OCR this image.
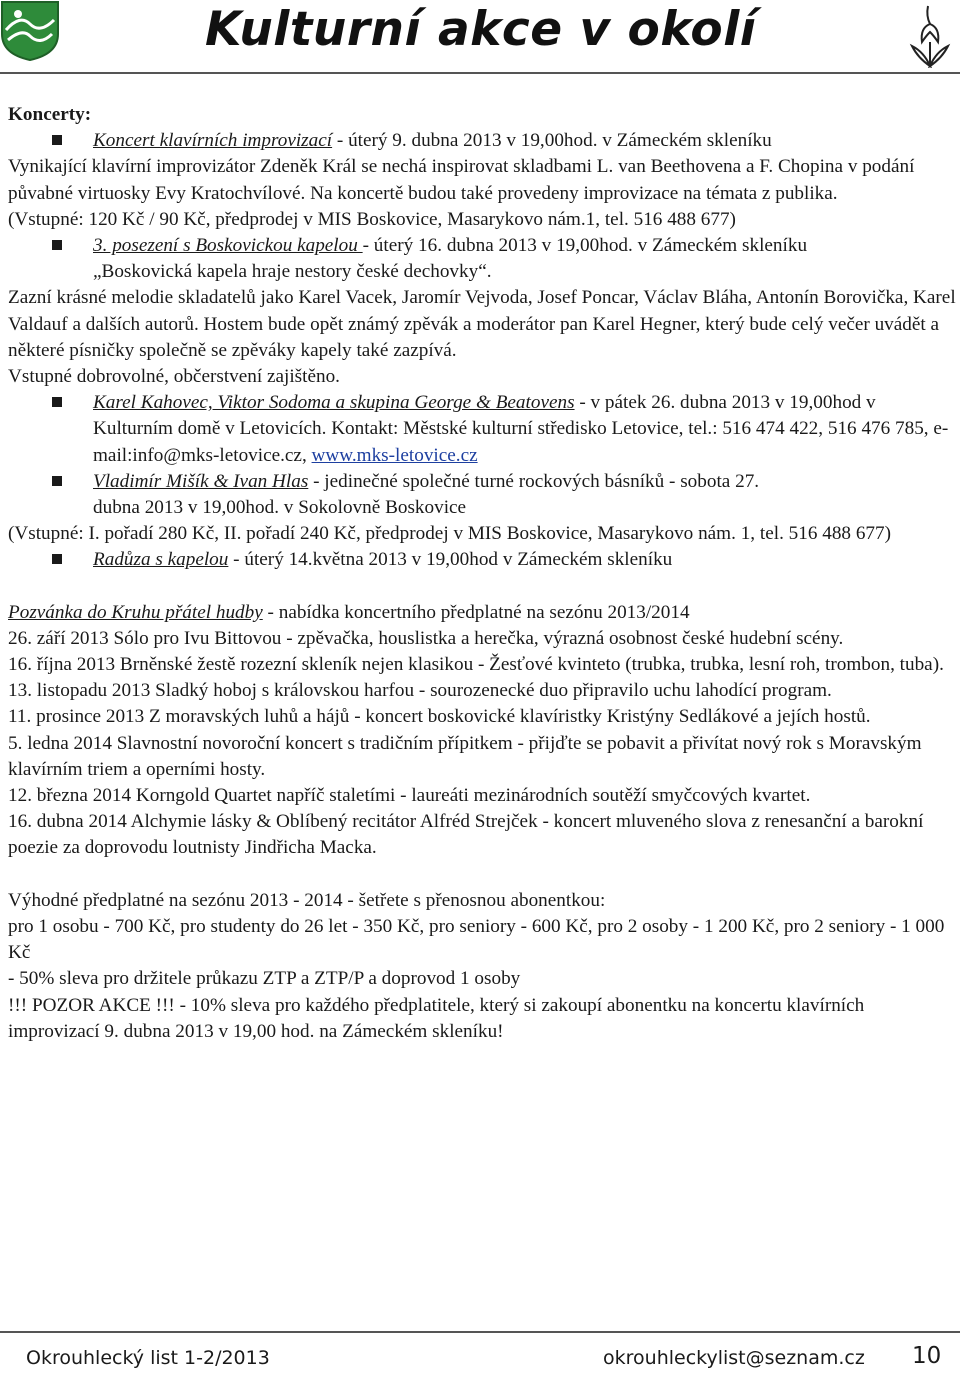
Kulturní akce v okolí

Koncerty:

Koncert klavírních improvizací - úterý 9. dubna 2013 v 19,00hod. v Zámeckém skleníku

Vynikající klavírní improvizátor Zdeněk Král se nechá inspirovat skladbami L. van Beethovena a F. Chopina v podání půvabné virtuosky Evy Kratochvílové. Na koncertě budou také provedeny improvizace na témata z publika.

(Vstupné: 120 Kč / 90 Kč, předprodej v MIS Boskovice, Masarykovo nám.1, tel. 516 488 677)

3. posezení s Boskovickou kapelou - úterý 16. dubna 2013 v 19,00hod. v Zámeckém skleníku

„Boskovická kapela hraje nestory české dechovky“.

Zazní krásné melodie skladatelů jako Karel Vacek, Jaromír Vejvoda, Josef Poncar, Václav Bláha, Antonín Borovička, Karel Valdauf a dalších autorů. Hostem bude opět známý zpěvák a moderátor pan Karel Hegner, který bude celý večer uvádět a některé písničky společně se zpěváky kapely také zazpívá.

Vstupné dobrovolné, občerstvení zajištěno.

Karel Kahovec, Viktor Sodoma a skupina George & Beatovens - v pátek 26. dubna 2013 v 19,00hod v Kulturním domě v Letovicích. Kontakt: Městské kulturní středisko Letovice, tel.: 516 474 422, 516 476 785, e-mail:info@mks-letovice.cz, www.mks-letovice.cz

Vladimír Mišík & Ivan Hlas - jedinečné společné turné rockových básníků - sobota 27.

dubna 2013 v 19,00hod. v Sokolovně Boskovice

(Vstupné: I. pořadí 280 Kč, II. pořadí 240 Kč, předprodej v MIS Boskovice, Masarykovo nám. 1, tel. 516 488 677)

Radůza s kapelou - úterý 14.května 2013 v 19,00hod v Zámeckém skleníku

Pozvánka do Kruhu přátel hudby - nabídka koncertního předplatné na sezónu 2013/2014

26. září 2013 Sólo pro Ivu Bittovou - zpěvačka, houslistka a herečka, výrazná osobnost české hudební scény.

16. října 2013 Brněnské žestě rozezní skleník nejen klasikou - Žesťové kvinteto (trubka, trubka, lesní roh, trombon, tuba).

13. listopadu 2013 Sladký hoboj s královskou harfou - sourozenecké duo připravilo uchu lahodící program.

11. prosince 2013 Z moravských luhů a hájů - koncert boskovické klavíristky Kristýny Sedlákové a jejích hostů.

5. ledna 2014 Slavnostní novoroční koncert s tradičním přípitkem - přijďte se pobavit a přivítat nový rok s Moravským klavírním triem a operními hosty.

12. března 2014 Korngold Quartet napříč staletími - laureáti mezinárodních soutěží smyčcových kvartet.

16. dubna 2014 Alchymie lásky & Oblíbený recitátor Alfréd Strejček - koncert mluveného slova z renesanční a barokní poezie za doprovodu loutnisty Jindřicha Macka.

Výhodné předplatné na sezónu 2013 - 2014 - šetřete s přenosnou abonentkou:

pro 1 osobu - 700 Kč, pro studenty do 26 let - 350 Kč, pro seniory - 600 Kč, pro 2 osoby - 1 200 Kč, pro 2 seniory - 1 000 Kč

- 50% sleva pro držitele průkazu ZTP a ZTP/P a doprovod 1 osoby

!!! POZOR AKCE !!! - 10% sleva pro každého předplatitele, který si zakoupí abonentku na koncertu klavírních improvizací 9. dubna 2013 v 19,00 hod. na Zámeckém skleníku!

Okrouhlecký list 1-2/2013	okrouhleckylist@seznam.cz 10
